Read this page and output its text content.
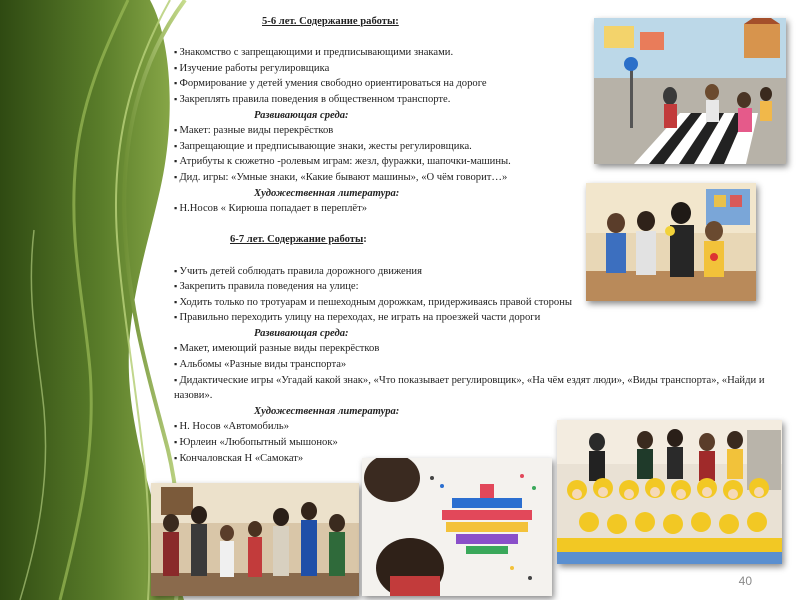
5-6 лет. Содержание работы:
▪ Знакомство с запрещающими и предписывающими знаками.
▪ Изучение работы регулировщика
▪ Формирование у детей умения свободно ориентироваться на дороге
▪ Закреплять правила поведения в общественном транспорте.
Развивающая среда:
▪ Макет: разные виды перекрёстков
▪ Запрещающие и предписывающие знаки, жесты регулировщика.
▪ Атрибуты к сюжетно -ролевым играм: жезл, фуражки, шапочки-машины.
▪ Дид. игры: «Умные знаки, «Какие бывают машины», «О чём говорит…»
Художественная литература:
▪ Н.Носов « Кирюша попадает в переплёт»
6-7 лет. Содержание работы:
▪ Учить детей соблюдать правила дорожного движения
▪ Закрепить правила поведения на улице:
▪ Ходить только по тротуарам и пешеходным дорожкам, придерживаясь правой стороны
▪ Правильно переходить улицу на переходах, не играть на проезжей части дороги
Развивающая среда:
▪ Макет, имеющий разные виды перекрёстков
▪ Альбомы «Разные виды транспорта»
▪ Дидактические игры «Угадай какой знак», «Что показывает регулировщик», «На чём ездят люди», «Виды транспорта», «Найди и назови».
Художественная литература:
▪ Н. Носов «Автомобиль»
▪ Юрлеин «Любопытный мышонок»
▪ Кончаловская Н «Самокат»
40
